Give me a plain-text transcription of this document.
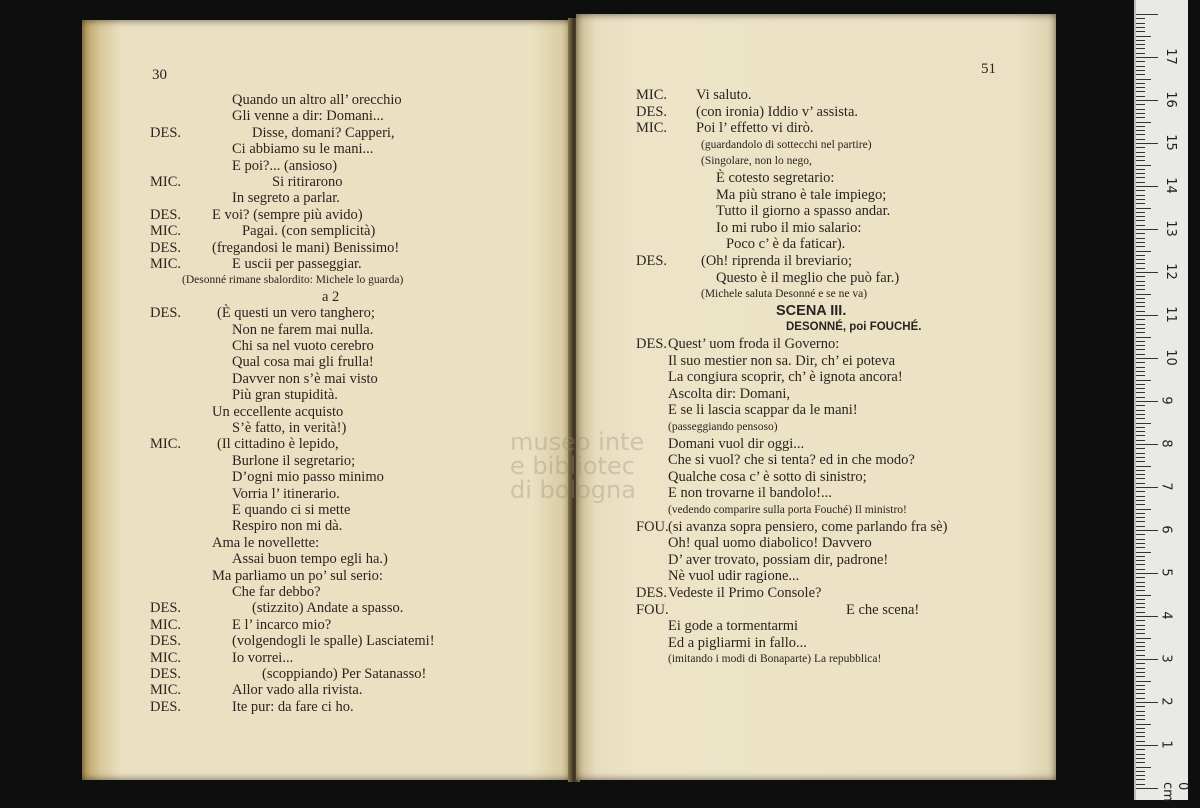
30
Quando un altro all’ orecchio
Gli venne a dir: Domani...
DES.	Disse, domani? Capperi,
Ci abbiamo su le mani...
E poi?... (ansioso)
MIC.	Si ritirarono
In segreto a parlar.
DES. E voi? (sempre più avido)
MIC.	Pagai. (con semplicità)
DES. (fregandosi le mani) Benissimo!
MIC.	E uscii per passeggiar.
(Desonné rimane sbalordito: Michele lo guarda)
a 2
DES. (È questi un vero tanghero;
Non ne farem mai nulla.
Chi sa nel vuoto cerebro
Qual cosa mai gli frulla!
Davver non s’è mai visto
Più gran stupidità.
Un eccellente acquisto
S’è fatto, in verità!)
MIC. (Il cittadino è lepido,
Burlone il segretario;
D’ogni mio passo minimo
Vorria l’ itinerario.
E quando ci si mette
Respiro non mi dà.
Ama le novellette:
Assai buon tempo egli ha.)
Ma parliamo un po’ sul serio:
Che far debbo?
DES.	(stizzito) Andate a spasso.
MIC.	E l’ incarco mio?
DES.	(volgendogli le spalle) Lasciatemi!
MIC.	Io vorrei...
DES.	(scoppiando) Per Satanasso!
MIC.	Allor vado alla rivista.
DES.	Ite pur: da fare ci ho.
51
MIC. Vi saluto.
DES. (con ironia) Iddio v’ assista.
MIC. Poi l’ effetto vi dirò.
(guardandolo di sottecchi nel partire)
(Singolare, non lo nego,
È cotesto segretario:
Ma più strano è tale impiego;
Tutto il giorno a spasso andar.
Io mi rubo il mio salario:
Poco c’ è da faticar).
DES. (Oh! riprenda il breviario;
Questo è il meglio che può far.)
(Michele saluta Desonné e se ne va)
SCENA III.
DESONNÉ, poi FOUCHÉ.
DES. Quest’ uom froda il Governo:
Il suo mestier non sa. Dir, ch’ ei poteva
La congiura scoprir, ch’ è ignota ancora!
Ascolta dir: Domani,
E se li lascia scappar da le mani!
(passeggiando pensoso)
Domani vuol dir oggi...
Che si vuol? che si tenta? ed in che modo?
Qualche cosa c’ è sotto di sinistro;
E non trovarne il bandolo!...
(vedendo comparire sulla porta Fouché) Il ministro!
FOU. (si avanza sopra pensiero, come parlando fra sè)
Oh! qual uomo diabolico! Davvero
D’ aver trovato, possiam dir, padrone!
Nè vuol udir ragione...
DES. Vedeste il Primo Console?
FOU.	E che scena!
Ei gode a tormentarmi
Ed a pigliarmi in fallo...
(imitando i modi di Bonaparte) La repubblica!
museo inte
e bibliotec
di bologna
17
16
15
14
13
12
11
10
9
8
7
6
5
4
3
2
1
0 cm
